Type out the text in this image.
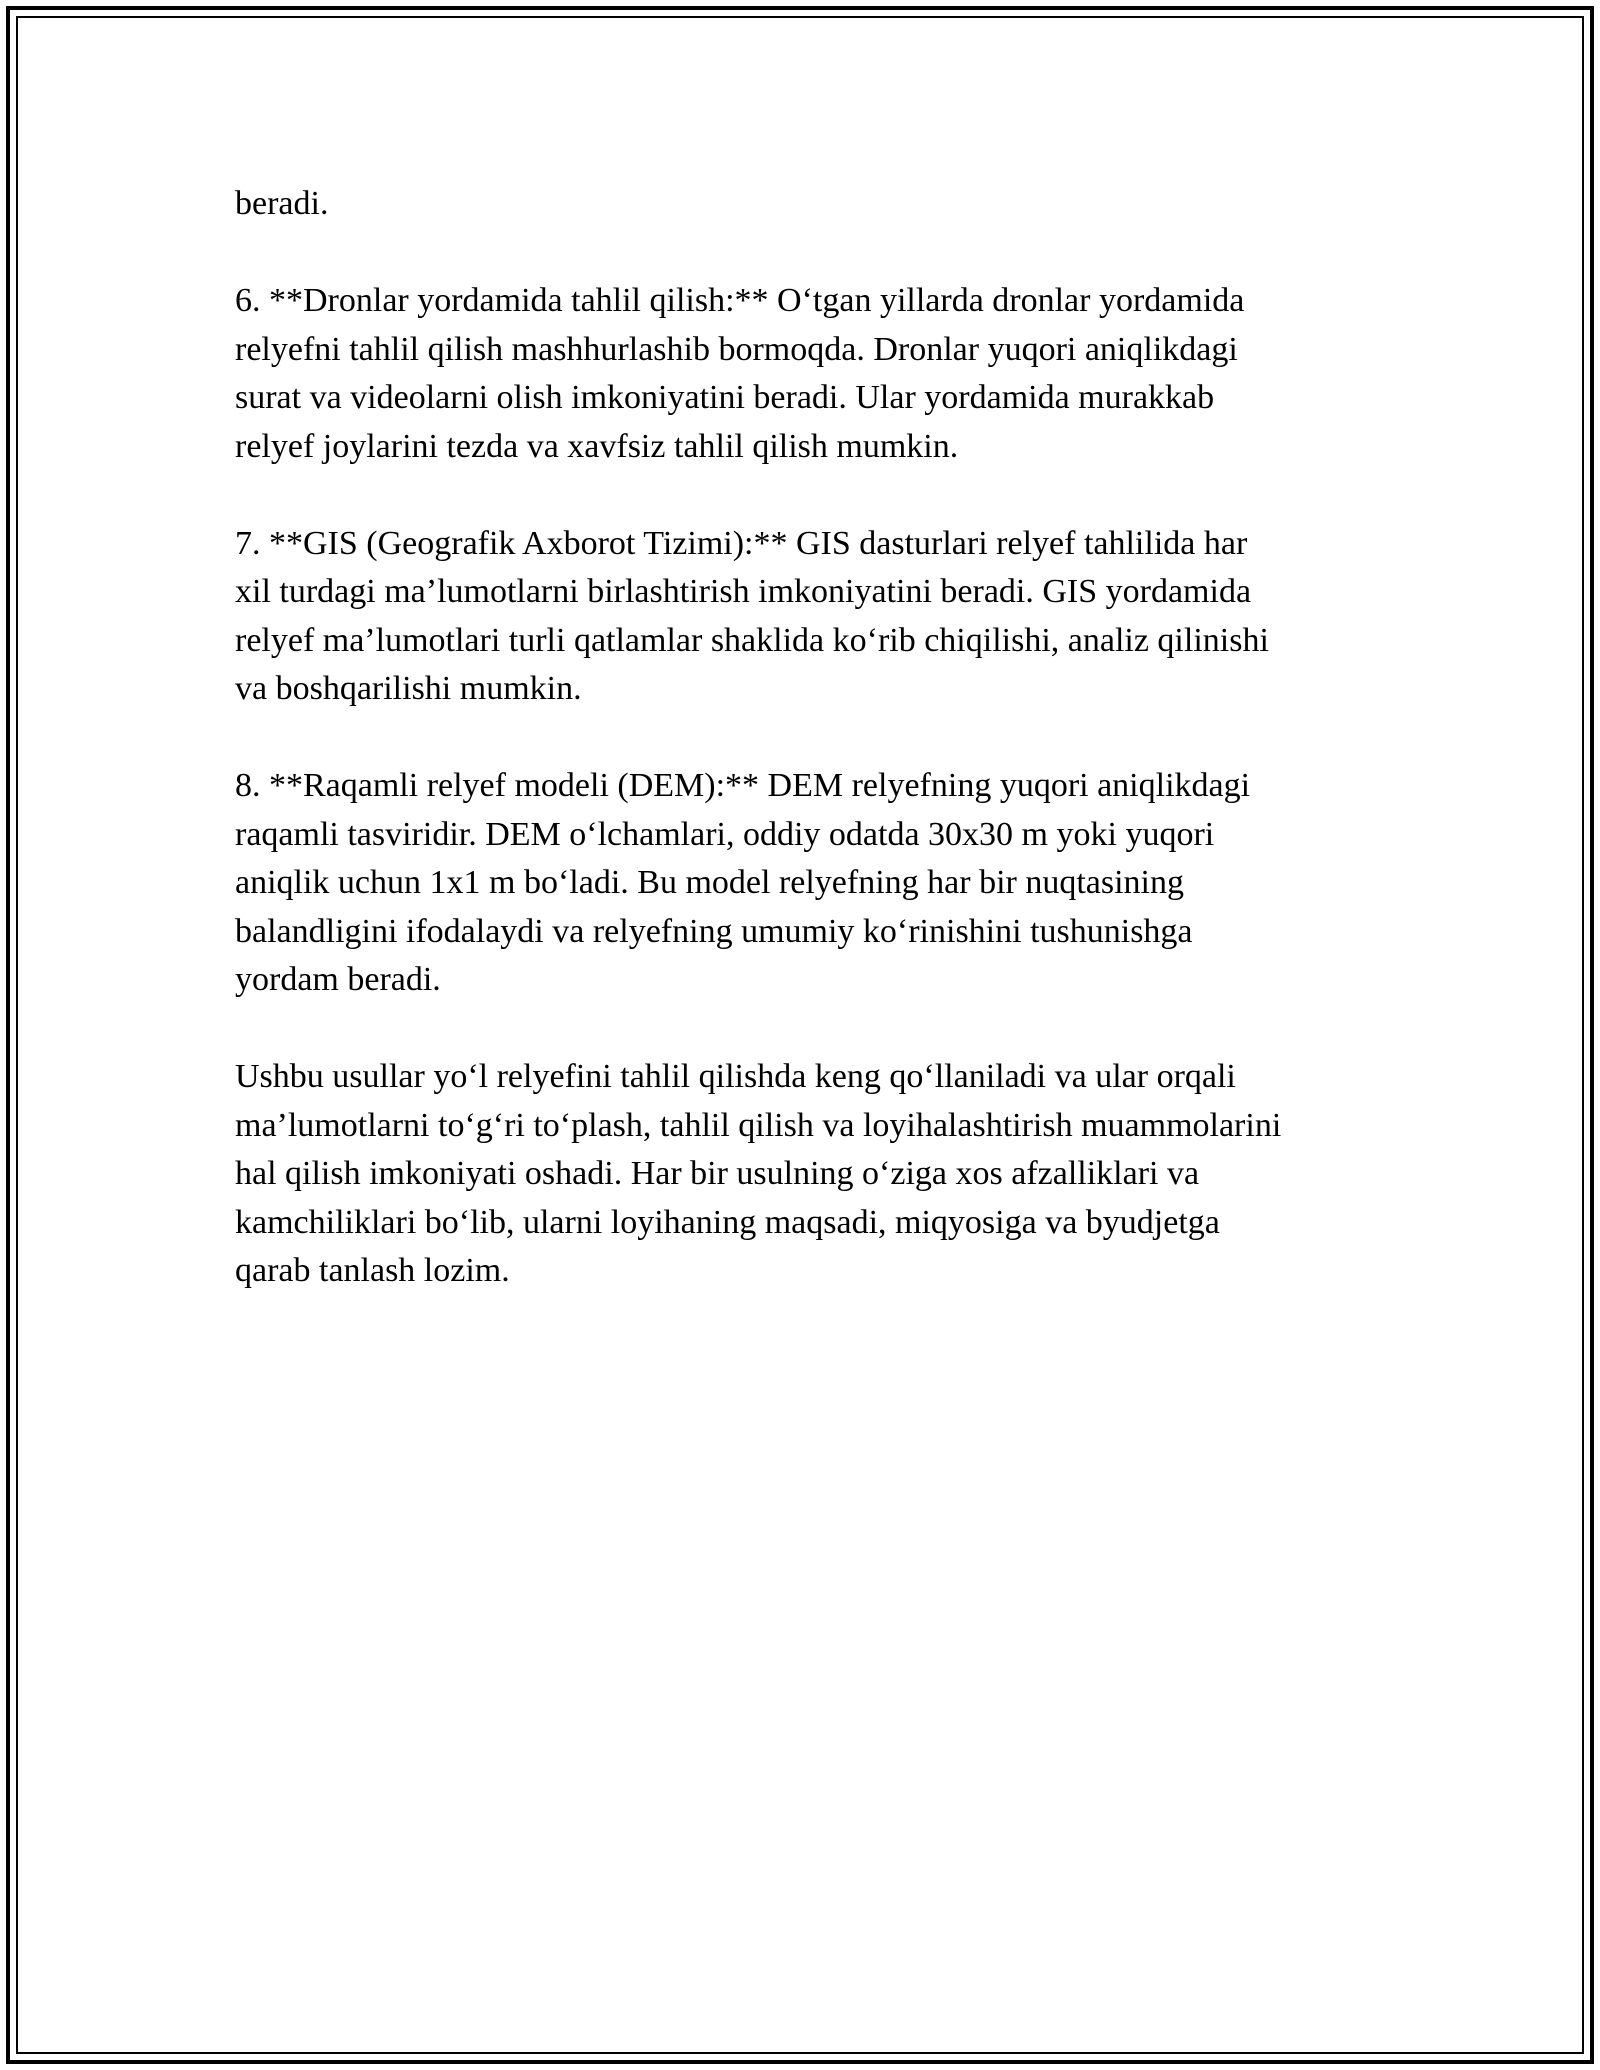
beradi.

6. **Dronlar yordamida tahlil qilish:** O‘tgan yillarda dronlar yordamida
relyefni tahlil qilish mashhurlashib bormoqda. Dronlar yuqori aniqlikdagi
surat va videolarni olish imkoniyatini beradi. Ular yordamida murakkab
relyef joylarini tezda va xavfsiz tahlil qilish mumkin.

7. **GIS (Geografik Axborot Tizimi):** GIS dasturlari relyef tahlilida har
xil turdagi ma’lumotlarni birlashtirish imkoniyatini beradi. GIS yordamida
relyef ma’lumotlari turli qatlamlar shaklida ko‘rib chiqilishi, analiz qilinishi
va boshqarilishi mumkin.

8. **Raqamli relyef modeli (DEM):** DEM relyefning yuqori aniqlikdagi
raqamli tasviridir. DEM o‘lchamlari, oddiy odatda 30x30 m yoki yuqori
aniqlik uchun 1x1 m bo‘ladi. Bu model relyefning har bir nuqtasining
balandligini ifodalaydi va relyefning umumiy ko‘rinishini tushunishga
yordam beradi.

Ushbu usullar yo‘l relyefini tahlil qilishda keng qo‘llaniladi va ular orqali
ma’lumotlarni to‘g‘ri to‘plash, tahlil qilish va loyihalashtirish muammolarini
hal qilish imkoniyati oshadi. Har bir usulning o‘ziga xos afzalliklari va
kamchiliklari bo‘lib, ularni loyihaning maqsadi, miqyosiga va byudjetga
qarab tanlash lozim.
